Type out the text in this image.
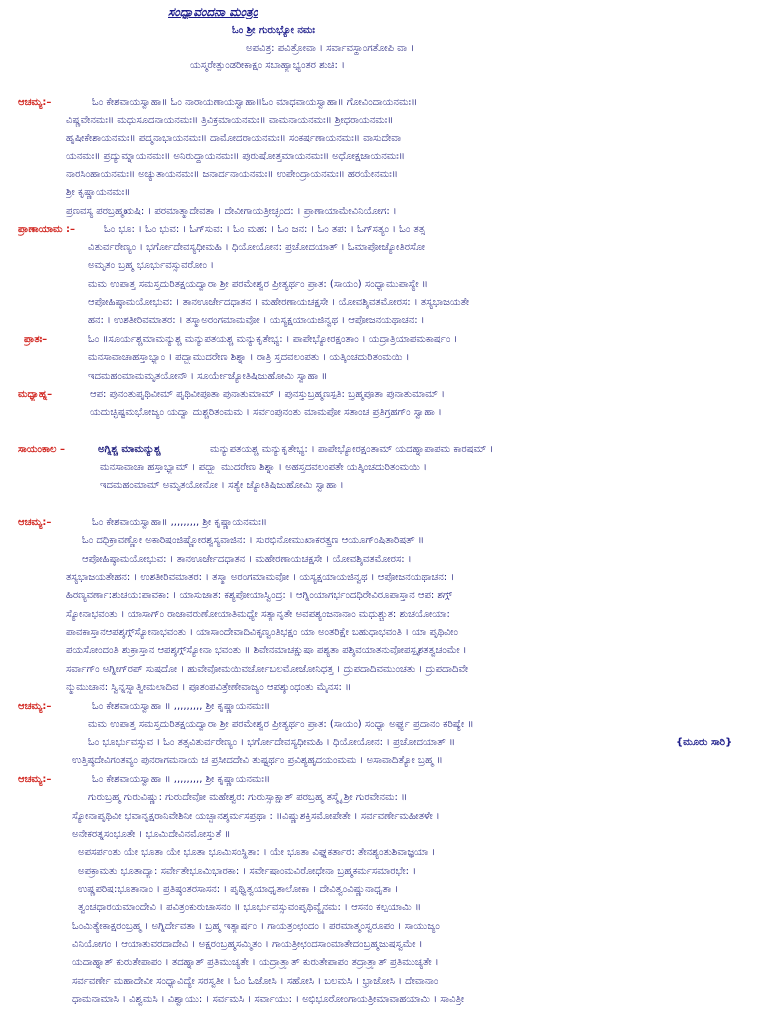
ಸಂಧ್ಯಾವಂದನಾ ಮಂತ್ರಂ
ಓಂ ಶ್ರೀ ಗುರುಭ್ಯೋ ನಮಃ
ಅಪವಿತ್ರ: ಪವಿತ್ರೋವಾ । ಸರ್ವಾವಸ್ಥಾಂಗತೋಪಿ ವಾ ।
ಯಸ್ಮರೇತ್ಪುಂಡರೀಕಾಕ್ಷಂ ಸಬಾಹ್ಯಾಭ್ಯಂತರ ಶುಚಿ: ।
ಆಚಮ್ಯ:–	ಓಂ ಕೇಶವಾಯಸ್ವಾಹಾ॥ ಓಂ ನಾರಾಯಣಾಯಸ್ವಾಹಾ॥ಓಂ ಮಾಧವಾಯಸ್ವಾಹಾ॥ ಗೋವಿಂದಾಯನಮಃ॥
ವಿಷ್ಣವೇನಮಃ॥ ಮಧುಸೂದನಾಯನಮಃ॥ ತ್ರಿವಿಕ್ರಮಾಯನಮಃ॥ ವಾಮನಾಯನಮಃ॥ ಶ್ರೀಧರಾಯನಮಃ॥
ಹೃಷೀಕೇಶಾಯನಮಃ॥ ಪದ್ಮನಾಭಾಯನಮಃ॥ ದಾಮೋದರಾಯನಮಃ॥ ಸಂಕರ್ಷಣಾಯನಮಃ॥ ವಾಸುದೇವಾ
ಯನಮಃ॥ ಪ್ರದ್ಯುಮ್ನಾಯನಮಃ॥ ಅನಿರುದ್ಧಾಯನಮಃ॥ ಪುರುಷೋತ್ತಮಾಯನಮಃ॥ ಅಧೋಕ್ಷಜಾಯನಮಃ॥
ನಾರಸಿಂಹಾಯನಮಃ॥ ಅಚ್ಯುತಾಯನಮಃ॥ ಜನಾರ್ದನಾಯನಮಃ॥ ಉಪೇಂದ್ರಾಯನಮಃ॥ ಹರಯೇನಮಃ॥
ಶ್ರೀ ಕೃಷ್ಣಾಯನಮಃ॥
ಪ್ರಣವಸ್ಯ ಪರಬ್ರಹ್ಮಋಷಿ: । ಪರಮಾತ್ಮಾದೇವತಾ । ದೇವೀಗಾಯತ್ರೀಚ್ಛಂದ: । ಪ್ರಾಣಾಯಾಮೇವಿನಿಯೋಗ: ।
ಪ್ರಾಣಾಯಾಮ :–	ಓಂ ಭೂ: । ಓಂ ಭುವ: । ಓಗ್‌ಸುವ: । ಓಂ ಮಹ: । ಓಂ ಜನ: । ಓಂ ತಪ: । ಓಗ್‌ಸತ್ಯಂ । ಓಂ ತತ್ಸ
ವಿತುರ್ವರೇಣ್ಯಂ । ಭರ್ಗೋದೇವಸ್ಯಧೀಮಹಿ । ಧಿಯೋಯೋನ: ಪ್ರಚೋದಯಾತ್ । ಓಮಾಪೋಜ್ಯೋತಿರಸೋ
ಅಮೃತಂ ಬ್ರಹ್ಮ ಭೂರ್ಭುವಸ್ಸುವರೋಂ ।
ಮಮ ಉಪಾತ್ತ ಸಮಸ್ತದುರಿತಕ್ಷಯದ್ವಾರಾ ಶ್ರೀ ಪರಮೇಶ್ವರ ಪ್ರೀತ್ಯರ್ಥಂ ಪ್ರಾತ: (ಸಾಯಂ) ಸಂಧ್ಯಾಮುಪಾಸ್ಯೇ ॥
ಆಪೋಹಿಷ್ಠಾಮಯೋಭುವ: । ತಾನಊರ್ಜೇದಧಾತನ । ಮಹೇರಣಾಯಚಕ್ಷಸೇ । ಯೋವಶ್ಶಿವತಮೋರಸ: । ತಸ್ಯಭಾಜಯತೇ
ಹನ: । ಉಶತೀರಿವಮಾತರ: । ತಸ್ಮಾಅರಂಗಮಾಮವೋ । ಯಸ್ಯಕ್ಷಯಾಯಜಿನ್ವಥ । ಆಪೋಜನಯಥಾಚನ: ।
ಪ್ರಾತಃ–	ಓಂ ॥ಸೂರ್ಯಶ್ಚಮಾಮನ್ಯುಶ್ಚ ಮನ್ಯುಪತಯಶ್ಚ ಮನ್ಯುಕೃತೇಭ್ಯ: । ಪಾಪೇಭ್ಯೋರಕ್ಷಂತಾಂ । ಯದ್ರಾತ್ರಿಯಾಪಮಕಾರ್ಷಂ ।
ಮನಸಾವಾಚಾಹಸ್ತಾಭ್ಯಾಂ । ಪದ್ಭ್ಯಾಮುದರೇಣ ಶಿಶ್ನಾ । ರಾತ್ರಿ ಸ್ತದವಲಂಪತು । ಯತ್ಕಿಂಚದುರಿತಂಮಯಿ ।
ಇದಮಹಂಮಾಮಮೃತಯೋನೌ । ಸೂರ್ಯೇಜ್ಯೋತಿಷಿಜುಹೋಮಿ ಸ್ವಾಹಾ ॥
ಮಧ್ಯಾಹ್ನ–	ಆಪ: ಪುನಂತುಪೃಥಿವೀಮ್ ಪೃಥಿವೀಪೂತಾ ಪುನಾತುಮಾಮ್ । ಪುನಸ್ತುಬ್ರಹ್ಮಣಸ್ಪತಿ: ಬ್ರಹ್ಮಪೂತಾ ಪುನಾತುಮಾಮ್ ।
ಯದುಚ್ಛಿಷ್ಟಮಭೋಜ್ಯಂ ಯದ್ವಾ ದುಶ್ಚರಿತಂಮಮ । ಸರ್ವಂಪುನಂತು ಮಾಮಪೋ ಸತಾಂಚ ಪ್ರತಿಗ್ರಹಗ್ಂ ಸ್ವಾಹಾ ।
ಸಾಯಂಕಾಲ –	ಅಗ್ನಿಶ್ಚ ಮಾಮನ್ಯುಶ್ಚ	ಮನ್ಯುಪತಯಶ್ಚ ಮನ್ಯುಕೃತೇಭ್ಯ: । ಪಾಪೇಭ್ಯೋರಕ್ಷಂತಾಮ್ ಯದಹ್ನಾಪಾಪಮ ಕಾರಷಮ್ ।
ಮನಸಾವಾಚಾ ಹಸ್ತಾಭ್ಯಾಮ್ । ಪದ್ಭ್ಯಾ ಮುದರೇಣ ಶಿಶ್ನಾ । ಅಹಸ್ತದವಲಂಪತೇ ಯತ್ಕಿಂಚದುರಿತಂಮಯಿ ।
ಇದಮಹಂಮಾಮ್ ಅಮೃತಯೋನೋ । ಸತ್ಯೇ ಜ್ಯೋತಿಷಿಜುಹೋಮಿ ಸ್ವಾಹಾ ।
ಆಚಮ್ಯ:–	ಓಂ ಕೇಶವಾಯಸ್ವಾಹಾ॥ ,,,,,,,,, ಶ್ರೀ ಕೃಷ್ಣಾಯನಮಃ॥
ಓಂ ದಧಿಕ್ರಾವಣ್ಣೋ ಅಕಾರಿಷಂಜಿಷ್ಣೋರಶ್ವಸ್ಯವಾಜಿನ: । ಸುರಭಿನೋಮುಖಾಕರತ್ಪ್ರಣ ಆಯೂಗ್‌ಂಷಿತಾರಿಷತ್ ॥
ಆಪೋಹಿಷ್ಠಾಮಯೋಭುವ: । ತಾನಊರ್ಜೇದಧಾತನ । ಮಹೇರಣಾಯಚಕ್ಷಸೇ । ಯೋವಶ್ಶಿವತಮೋರಸ: ।
ತಸ್ಯಭಾಜಯತೇಹನ: । ಉಶತೀರಿವಮಾತರ: । ತಸ್ಮಾ ಅರಂಗಮಾಮವೋ । ಯಸ್ಯಕ್ಷಯಾಯಜಿನ್ವಥ । ಆಪೋಜನಯಥಾಚನ: ।
ಹಿರಣ್ಯವರ್ಣಾ:ಶುಚಯ:ಪಾವಕಾ: । ಯಾಸುಜಾತ: ಕಶ್ಯಪೋಯಾಸ್ವಿಂದ್ರ: । ಆಗ್ನಿಂಯಾಗರ್ಭಂದಧಿರೇವಿರೂಪಾಸ್ತಾನ ಆಪ: ಶಗ್ಗ್
ಸ್ಯೋನಾಭವಂತು । ಯಾಸಾಗ್ಂ ರಾಜಾವರುಣೋಯಾತಿಮಧ್ಯೇ ಸತ್ಯಾನೃತೇ ಅವಪಶ್ಯಂಜನಾನಾಂ ಮಧುಶ್ಚುತ: ಶುಚಯೋಯಾ:
ಪಾವಕಾಸ್ತಾನಆಪಶ್ಶಗ್ಗ್‌ಸ್ಯೋನಾಭವಂತು । ಯಾಸಾಂದೇವಾದಿವಿಕೃಣ್ವಂತಿಭಕ್ಷಂ ಯಾ ಅಂತರಿಕ್ಷೇ ಬಹುಧಾಭವಂತಿ । ಯಾ ಪೃಥಿವೀಂ
ಪಯಸೋಂದಂತಿ ಶುಕ್ರಾಸ್ತಾನ ಆಪಶ್ಶಗ್ಗ್‌ಸ್ಯೋನಾ ಭವಂತು ॥ ಶಿವೇನಮಾಚಕ್ಷುಷಾ ಪಶ್ಯತಾ ಪಶ್ಶಿವಯಾತನುವೋಪಸ್ಪೃಶತತ್ವಚಂಮೇ ।
ಸರ್ವಾಗ್ಂ ಅಗ್ನೀಗ್‌ರಪ್ ಸುಷದೋ । ಹುವೇವೋಮಯಿವರ್ಚೋಬಲಮೋಜೋನಿಧತ್ತ । ದ್ರುಪದಾದಿವಮುಂಚತು । ದ್ರುಪದಾದಿವೇ
ನ್ಮುಮುಚಾನ: ಸ್ವಿನ್ನಸ್ಸ್ನಾತ್ವೀಮಲಾದಿವ । ಪೂತಂಪವಿತ್ರೇಣೇವಾಜ್ಯಂ ಆಪಶ್ಶುಂಧಂತು ಮೈನಸ: ॥
ಆಚಮ್ಯ:–	ಓಂ ಕೇಶವಾಯಸ್ವಾಹಾ ॥ ,,,,,,,,, ಶ್ರೀ ಕೃಷ್ಣಾಯನಮಃ॥
ಮಮ ಉಪಾತ್ತ ಸಮಸ್ತದುರಿತಕ್ಷಯದ್ವಾರಾ ಶ್ರೀ ಪರಮೇಶ್ವರ ಪ್ರೀತ್ಯರ್ಥಂ ಪ್ರಾತ: (ಸಾಯಂ) ಸಂಧ್ಯಾ ಅರ್ಘ್ಯ ಪ್ರದಾನಂ ಕರಿಷ್ಯೇ ॥
ಓಂ ಭೂರ್ಭುವಸ್ಸುವ । ಓಂ ತತ್ಸವಿತುರ್ವರೇಣ್ಯಂ । ಭರ್ಗೋದೇವಸ್ಯಧೀಮಹಿ । ಧಿಯೋಯೋನ: । ಪ್ರಚೋದಯಾತ್ ॥	{ಮೂರು ಸಾರಿ}
ಉತ್ತಿಷ್ಠದೇವಿಗಂತವ್ಯಂ ಪುನರಾಗಮನಾಯ ಚ ಪ್ರಸೀದದೇವಿ ತುಷ್ಟ್ಯರ್ಥಂ ಪ್ರವಿಶ್ಯಹೃದಯಂಮಮ । ಅಸಾವಾದಿತ್ಯೋ ಬ್ರಹ್ಮ ॥
ಆಚಮ್ಯ:–	ಓಂ ಕೇಶವಾಯಸ್ವಾಹಾ ॥ ,,,,,,,,, ಶ್ರೀ ಕೃಷ್ಣಾಯನಮಃ॥
ಗುರುಬ್ರಹ್ಮ ಗುರುವಿಷ್ಣು: ಗುರುದೇವೋ ಮಹೇಶ್ವರ: ಗುರುಸ್ಸಾಕ್ಷಾತ್ ಪರಬ್ರಹ್ಮ ತಸ್ಮೈ ಶ್ರೀ ಗುರವೇನಮ: ॥
ಸ್ಯೋನಾಪೃಥಿವೀ ಭವಾನೃಕ್ಷರಾನಿವೇಶಿನೀ ಯಚ್ಛಾನಶ್ಶರ್ಮಸಪ್ರಥಾ : ॥ವಿಷ್ಣುಶಕ್ತಿಸಮೋಪೇತೇ । ಸರ್ವವರ್ಣೇಮಹೀತಳೇ ।
ಅನೇಕರತ್ನಸಂಭೂತೇ । ಭೂಮಿದೇವಿನಮೋಸ್ತುತೆ ॥
ಅಪಸರ್ಪಂತು ಯೇ ಭೂತಾ ಯೇ ಭೂತಾ ಭೂಮಿಸಂಸ್ಥಿತಾ: । ಯೇ ಭೂತಾ ವಿಘ್ನಕರ್ತಾರ: ತೇನಶ್ಯಂತುಶಿವಾಜ್ಞಯಾ ।
ಅಪಕ್ರಾಮತು ಭೂತಾದ್ಯಾ: ಸರ್ವೇತೇಭೂಮಿಭಾರಕಾ: । ಸರ್ವೇಷಾಂಮವಿರೋಧೇನಾ ಬ್ರಹ್ಮಕರ್ಮಸಮಾರಭೇ: ।
ಉಷ್ಣಪರಿಷ:ಭೂತಾನಾಂ । ಪ್ರತಿಷ್ಠಂತರಸಾಸನ: । ಪೃಥ್ವಿತ್ವಯಾಧೃತಾಲೋಕಾ । ದೇವಿತ್ವಂವಿಷ್ಣುನಾಧೃತಾ ।
ತ್ವಂಚಧಾರಯಮಾಂದೇವಿ । ಪವಿತ್ರಂಕುರುಚಾಸನಂ ॥ ಭೂರ್ಭುವಸ್ಸುವಂಪೃಥಿವ್ಯೈನಮ: । ಆಸನಂ ಕಲ್ಪಯಾಮಿ ॥
ಓಂಮಿತ್ಯೇಕಾಕ್ಷರಂಬ್ರಹ್ಮ । ಅಗ್ನಿರ್ದೇವತಾ । ಬ್ರಹ್ಮ ಇತ್ಯಾರ್ಷಂ । ಗಾಯತ್ರಂಛಂದಂ । ಪರಮಾತ್ಮಂಸ್ವರೂಪಂ । ಸಾಯುಜ್ಯಂ
ವಿನಿಯೋಗಂ । ಆಯಾತುವರದಾದೇವಿ । ಅಕ್ಷರಂಬ್ರಹ್ಮಸಮ್ಮಿತಂ । ಗಾಯತ್ರೀಛಂದಸಾಂಮಾತೇದಂಬ್ರಹ್ಮಜುಷಸ್ವಮೇ ।
ಯದಾಹ್ನಾತ್ ಕುರುತೇಪಾಪಂ । ತದಹ್ನಾತ್ ಪ್ರತಿಮುಚ್ಯತೇ । ಯದ್ರಾತ್ರ್ಯಾತ್ ಕುರುತೇಪಾಪಂ ತದ್ರಾತ್ರ್ಯಾತ್ ಪ್ರತಿಮುಚ್ಯತೇ ।
ಸರ್ವವರ್ಣೇ ಮಹಾದೇವೀ ಸಂಧ್ಯಾವಿದ್ಯೇ ಸರಸ್ವತೀ । ಓಂ ಓಜೋಸಿ । ಸಹೋಸಿ । ಬಲಮಸಿ । ಭ್ರಾಜೋಸಿ । ದೇವಾನಾಂ
ಧಾಮನಾಮಾಸಿ । ವಿಶ್ವಮಸಿ । ವಿಶ್ವಾಯು: । ಸರ್ವಮಸಿ । ಸರ್ವಾಯು: । ಅಭಿಭೂರೋಂಗಾಯತ್ರೀಮಾವಾಹಯಾಮಿ । ಸಾವಿತ್ರೀ
